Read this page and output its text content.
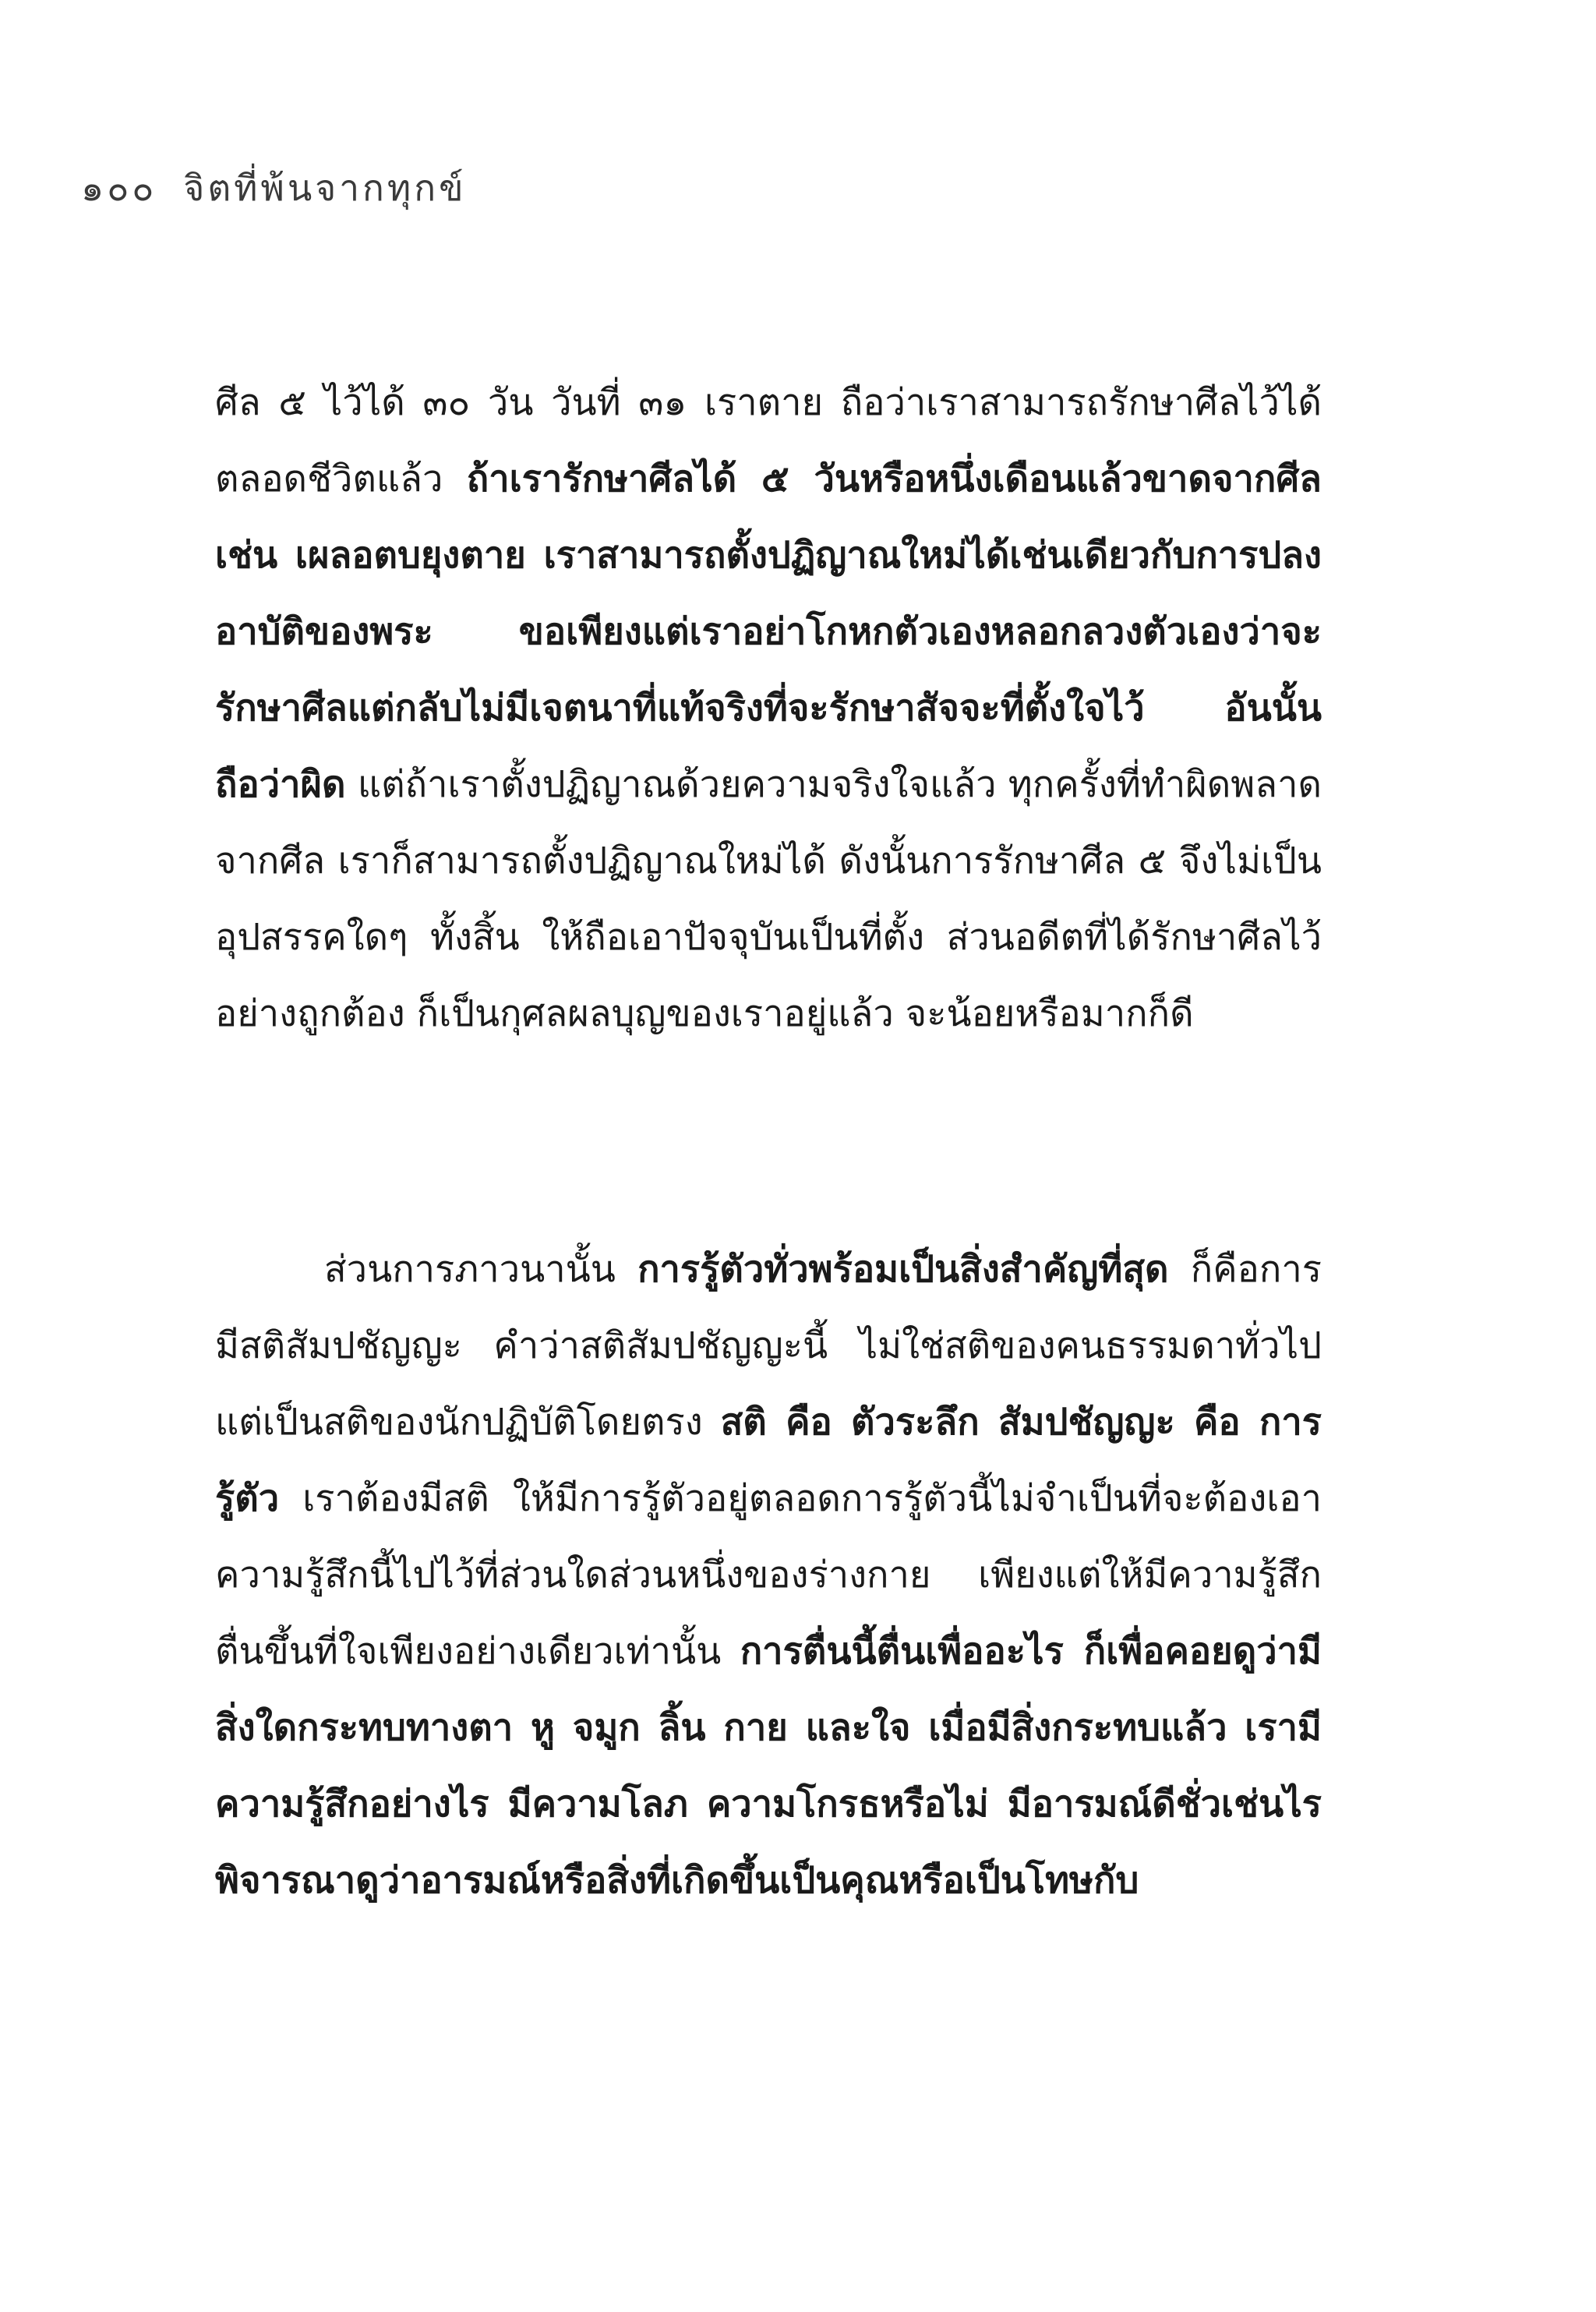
๑๐๐ จิตที่พ้นจากทุกข์

ศีล ๕ ไว้ได้ ๓๐ วัน วันที่ ๓๑ เราตาย ถือว่าเราสามารถรักษาศีลไว้ได้ตลอดชีวิตแล้ว ถ้าเรารักษาศีลได้ ๕ วันหรือหนึ่งเดือนแล้วขาดจากศีล เช่น เผลอตบยุงตาย เราสามารถตั้งปฏิญาณใหม่ได้เช่นเดียวกับการปลงอาบัติของพระ ขอเพียงแต่เราอย่าโกหกตัวเองหลอกลวงตัวเองว่าจะรักษาศีลแต่กลับไม่มีเจตนาที่แท้จริงที่จะรักษาสัจจะที่ตั้งใจไว้ อันนั้นถือว่าผิด แต่ถ้าเราตั้งปฏิญาณด้วยความจริงใจแล้ว ทุกครั้งที่ทำผิดพลาดจากศีล เราก็สามารถตั้งปฏิญาณใหม่ได้ ดังนั้นการรักษาศีล ๕ จึงไม่เป็นอุปสรรคใดๆ ทั้งสิ้น ให้ถือเอาปัจจุบันเป็นที่ตั้ง ส่วนอดีตที่ได้รักษาศีลไว้อย่างถูกต้อง ก็เป็นกุศลผลบุญของเราอยู่แล้ว จะน้อยหรือมากก็ดี

ส่วนการภาวนานั้น การรู้ตัวทั่วพร้อมเป็นสิ่งสำคัญที่สุด ก็คือการมีสติสัมปชัญญะ คำว่าสติสัมปชัญญะนี้ ไม่ใช่สติของคนธรรมดาทั่วไป แต่เป็นสติของนักปฏิบัติโดยตรง สติ คือ ตัวระลึก สัมปชัญญะ คือ การรู้ตัว เราต้องมีสติ ให้มีการรู้ตัวอยู่ตลอดการรู้ตัวนี้ไม่จำเป็นที่จะต้องเอาความรู้สึกนี้ไปไว้ที่ส่วนใดส่วนหนึ่งของร่างกาย เพียงแต่ให้มีความรู้สึกตื่นขึ้นที่ใจเพียงอย่างเดียวเท่านั้น การตื่นนี้ตื่นเพื่ออะไร ก็เพื่อคอยดูว่ามีสิ่งใดกระทบทางตา หู จมูก ลิ้น กาย และใจ เมื่อมีสิ่งกระทบแล้ว เรามีความรู้สึกอย่างไร มีความโลภ ความโกรธหรือไม่ มีอารมณ์ดีชั่วเช่นไร พิจารณาดูว่าอารมณ์หรือสิ่งที่เกิดขึ้นเป็นคุณหรือเป็นโทษกับ
